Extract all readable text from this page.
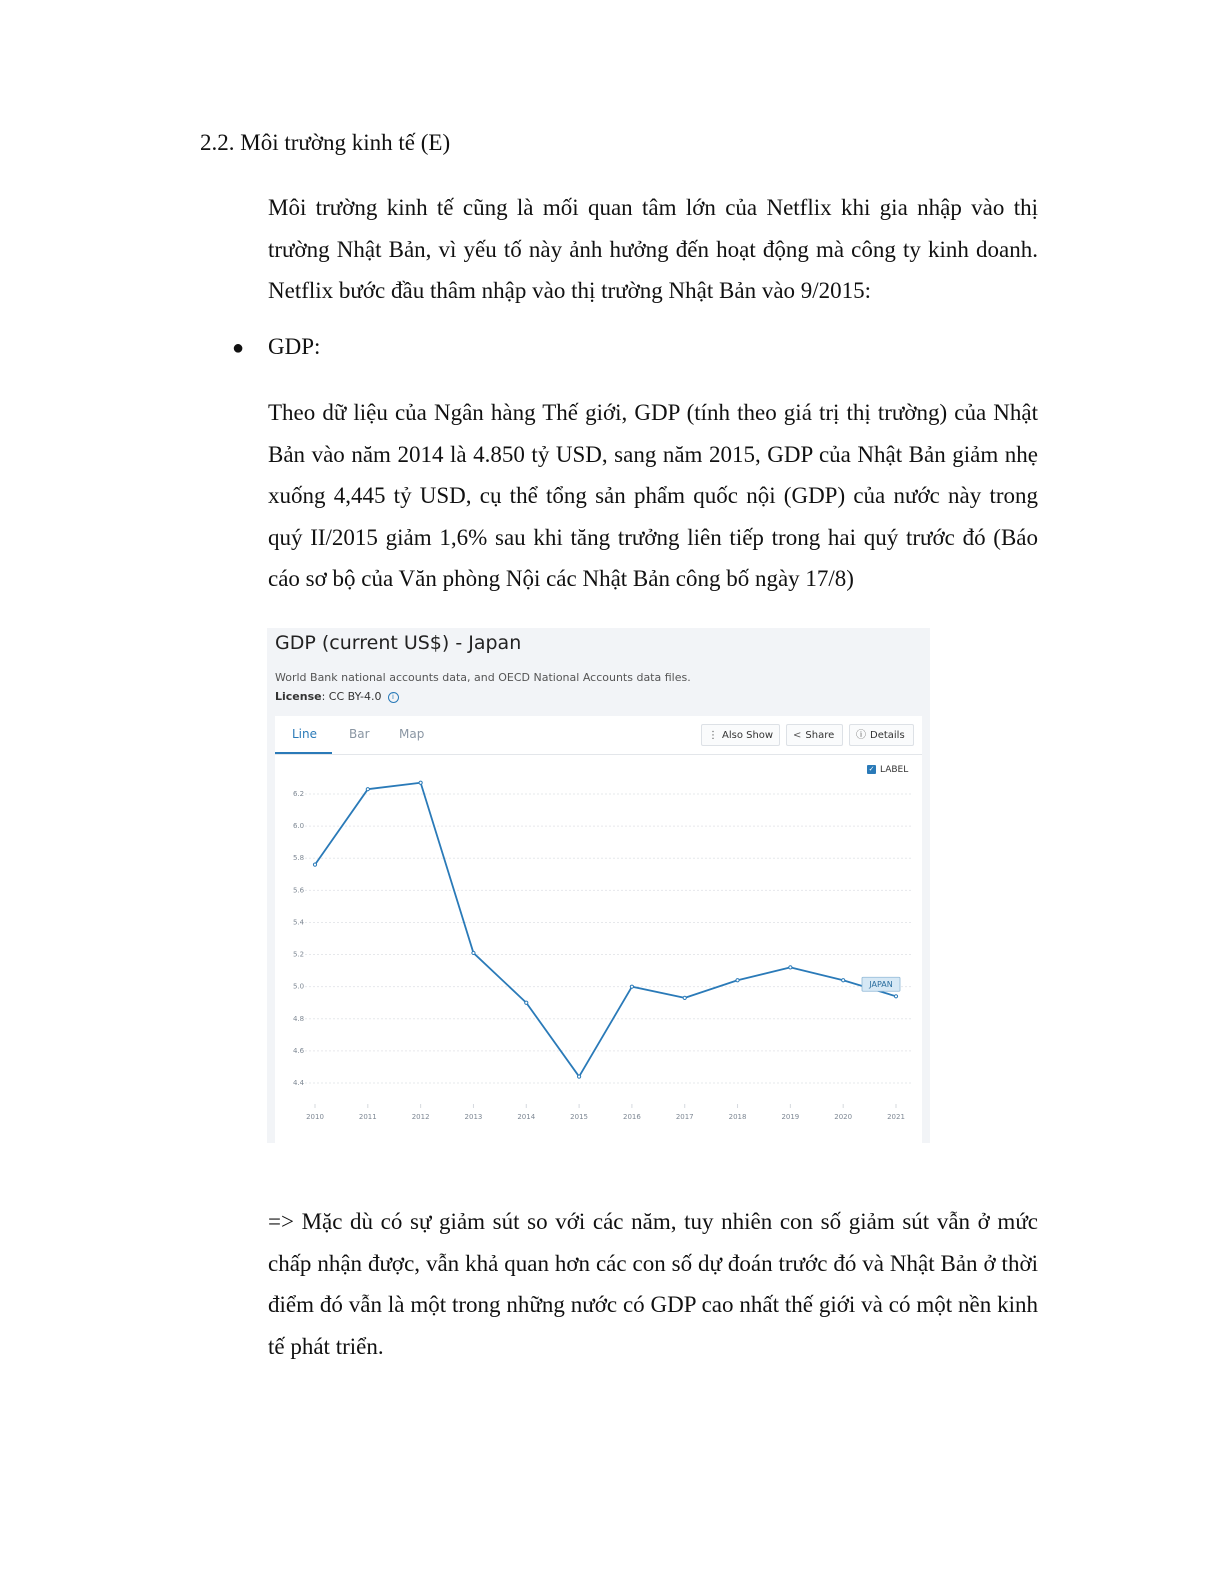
2.2. Môi trường kinh tế (E)
Môi trường kinh tế cũng là mối quan tâm lớn của Netflix khi gia nhập vào thị trường Nhật Bản, vì yếu tố này ảnh hưởng đến hoạt động mà công ty kinh doanh. Netflix bước đầu thâm nhập vào thị trường Nhật Bản vào 9/2015:
● GDP:
Theo dữ liệu của Ngân hàng Thế giới, GDP (tính theo giá trị thị trường) của Nhật Bản vào năm 2014 là 4.850 tỷ USD, sang năm 2015, GDP của Nhật Bản giảm nhẹ xuống 4,445 tỷ USD, cụ thể tổng sản phẩm quốc nội (GDP) của nước này trong quý II/2015 giảm 1,6% sau khi tăng trưởng liên tiếp trong hai quý trước đó (Báo cáo sơ bộ của Văn phòng Nội các Nhật Bản công bố ngày 17/8)
GDP (current US$) - Japan
World Bank national accounts data, and OECD National Accounts data files.
License: CC BY-4.0 i
Line	Bar Map	⋮ Also Show	< Share	ⓘ Details
✓ LABEL
6.2
6.0
5.8
5.6
5.4
5.2
5.0
4.8
4.6
4.4
2010	2011	2012	2013	2014	2015	2016	2017	2018	2019	2020	2021
JAPAN
=> Mặc dù có sự giảm sút so với các năm, tuy nhiên con số giảm sút vẫn ở mức chấp nhận được, vẫn khả quan hơn các con số dự đoán trước đó và Nhật Bản ở thời điểm đó vẫn là một trong những nước có GDP cao nhất thế giới và có một nền kinh tế phát triển.
